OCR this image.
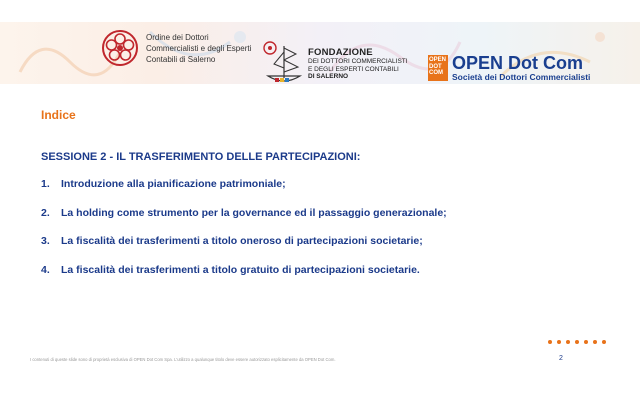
Ordine dei Dottori
Commercialisti e degli Esperti
Contabili di Salerno
FONDAZIONE
DEI DOTTORI COMMERCIALISTI
E DEGLI ESPERTI CONTABILI
DI SALERNO
OPEN DOT COM OPEN Dot Com
Società dei Dottori Commercialisti
Indice
SESSIONE 2 - IL TRASFERIMENTO DELLE PARTECIPAZIONI:
1.	Introduzione alla pianificazione patrimoniale;
2.	La holding come strumento per la governance ed il passaggio generazionale;
3.	La fiscalità dei trasferimenti a titolo oneroso di partecipazioni societarie;
4.	La fiscalità dei trasferimenti a titolo gratuito di partecipazioni societarie.
I contenuti di queste slide sono di proprietà esclusiva di OPEN Dot Com Spa. L'utilizzo a qualunque titolo deve essere autorizzato esplicitamente da OPEN Dot Com.	2
